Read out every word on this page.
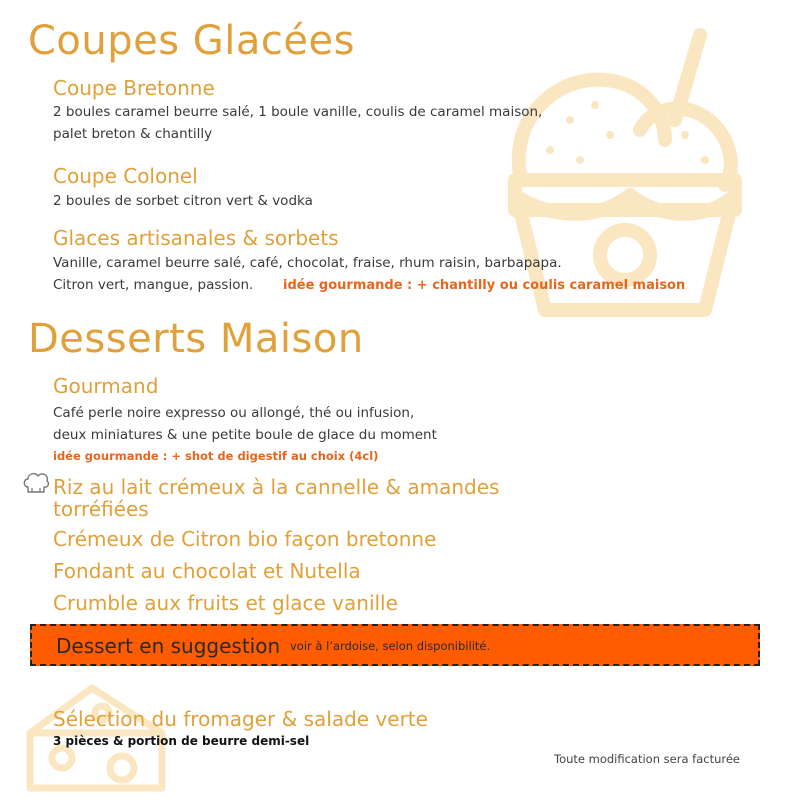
Coupes Glacées
Coupe Bretonne
2 boules caramel beurre salé, 1 boule vanille, coulis de caramel maison,
palet breton & chantilly
Coupe Colonel
2 boules de sorbet citron vert & vodka
Glaces artisanales & sorbets
Vanille, caramel beurre salé, café, chocolat, fraise, rhum raisin, barbapapa.
Citron vert, mangue, passion.	idée gourmande : + chantilly ou coulis caramel maison
Desserts Maison
Gourmand
Café perle noire expresso ou allongé, thé ou infusion,
deux miniatures & une petite boule de glace du moment
idée gourmande : + shot de digestif au choix (4cl)
Riz au lait crémeux à la cannelle & amandes
torréfiées
Crémeux de Citron bio façon bretonne
Fondant au chocolat et Nutella
Crumble aux fruits et glace vanille
Dessert en suggestion voir à l’ardoise, selon disponibilité.
Sélection du fromager & salade verte
3 pièces & portion de beurre demi-sel
Toute modification sera facturée
